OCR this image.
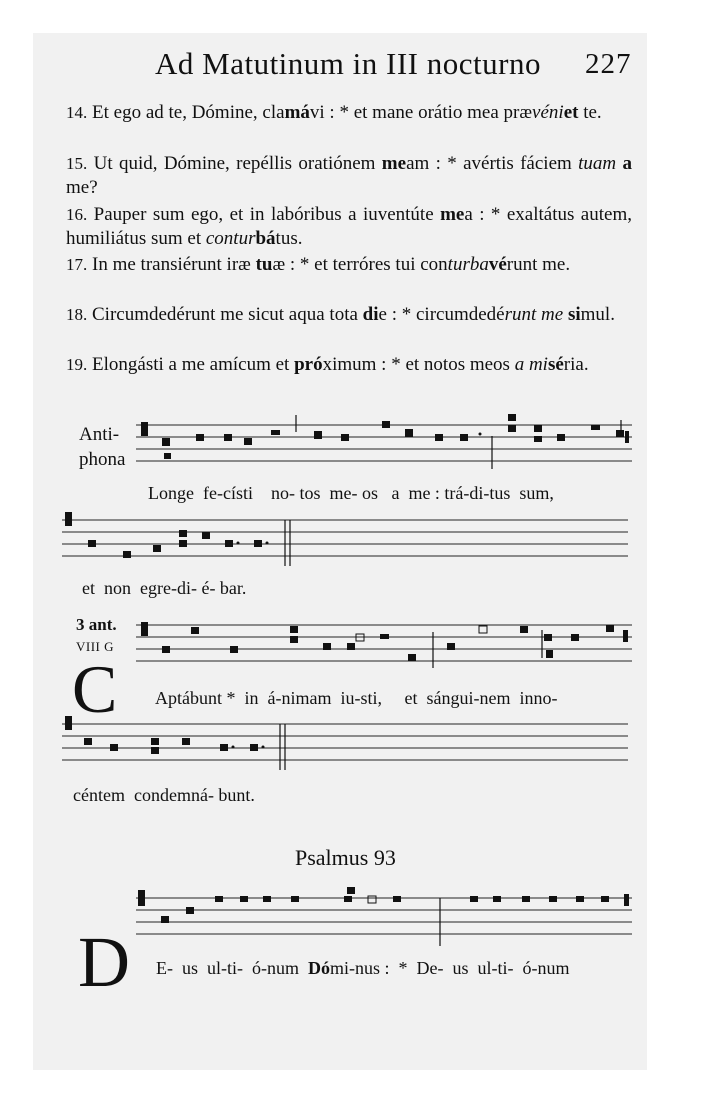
Ad Matutinum in III nocturno 227
14. Et ego ad te, Dómine, clamávi : * et mane orátio mea prævéniet te.
15. Ut quid, Dómine, repéllis oratiónem meam : * avértis fáciem tuam a me?
16. Pauper sum ego, et in labóribus a iuventúte mea : * exaltátus autem, humiliátus sum et conturbátus.
17. In me transiérunt iræ tuæ : * et terróres tui conturbavérunt me.
18. Circumdedérunt me sicut aqua tota die : * circumdedérunt me simul.
19. Elongásti a me amícum et próximum : * et notos meos a miséria.
Anti-
phona
Longe  fe-císti    no- tos  me- os   a  me : trá-di-tus  sum,
et  non  egre-di- é- bar.
3 ant.
VIII G
C Aptábunt *  in  á-nimam  iu-sti,     et  sángui-nem  inno-
céntem  condemná- bunt.
Psalmus 93
D E-  us  ul-ti-  ó-num  Dómi-nus :  *  De-  us  ul-ti-  ó-num
